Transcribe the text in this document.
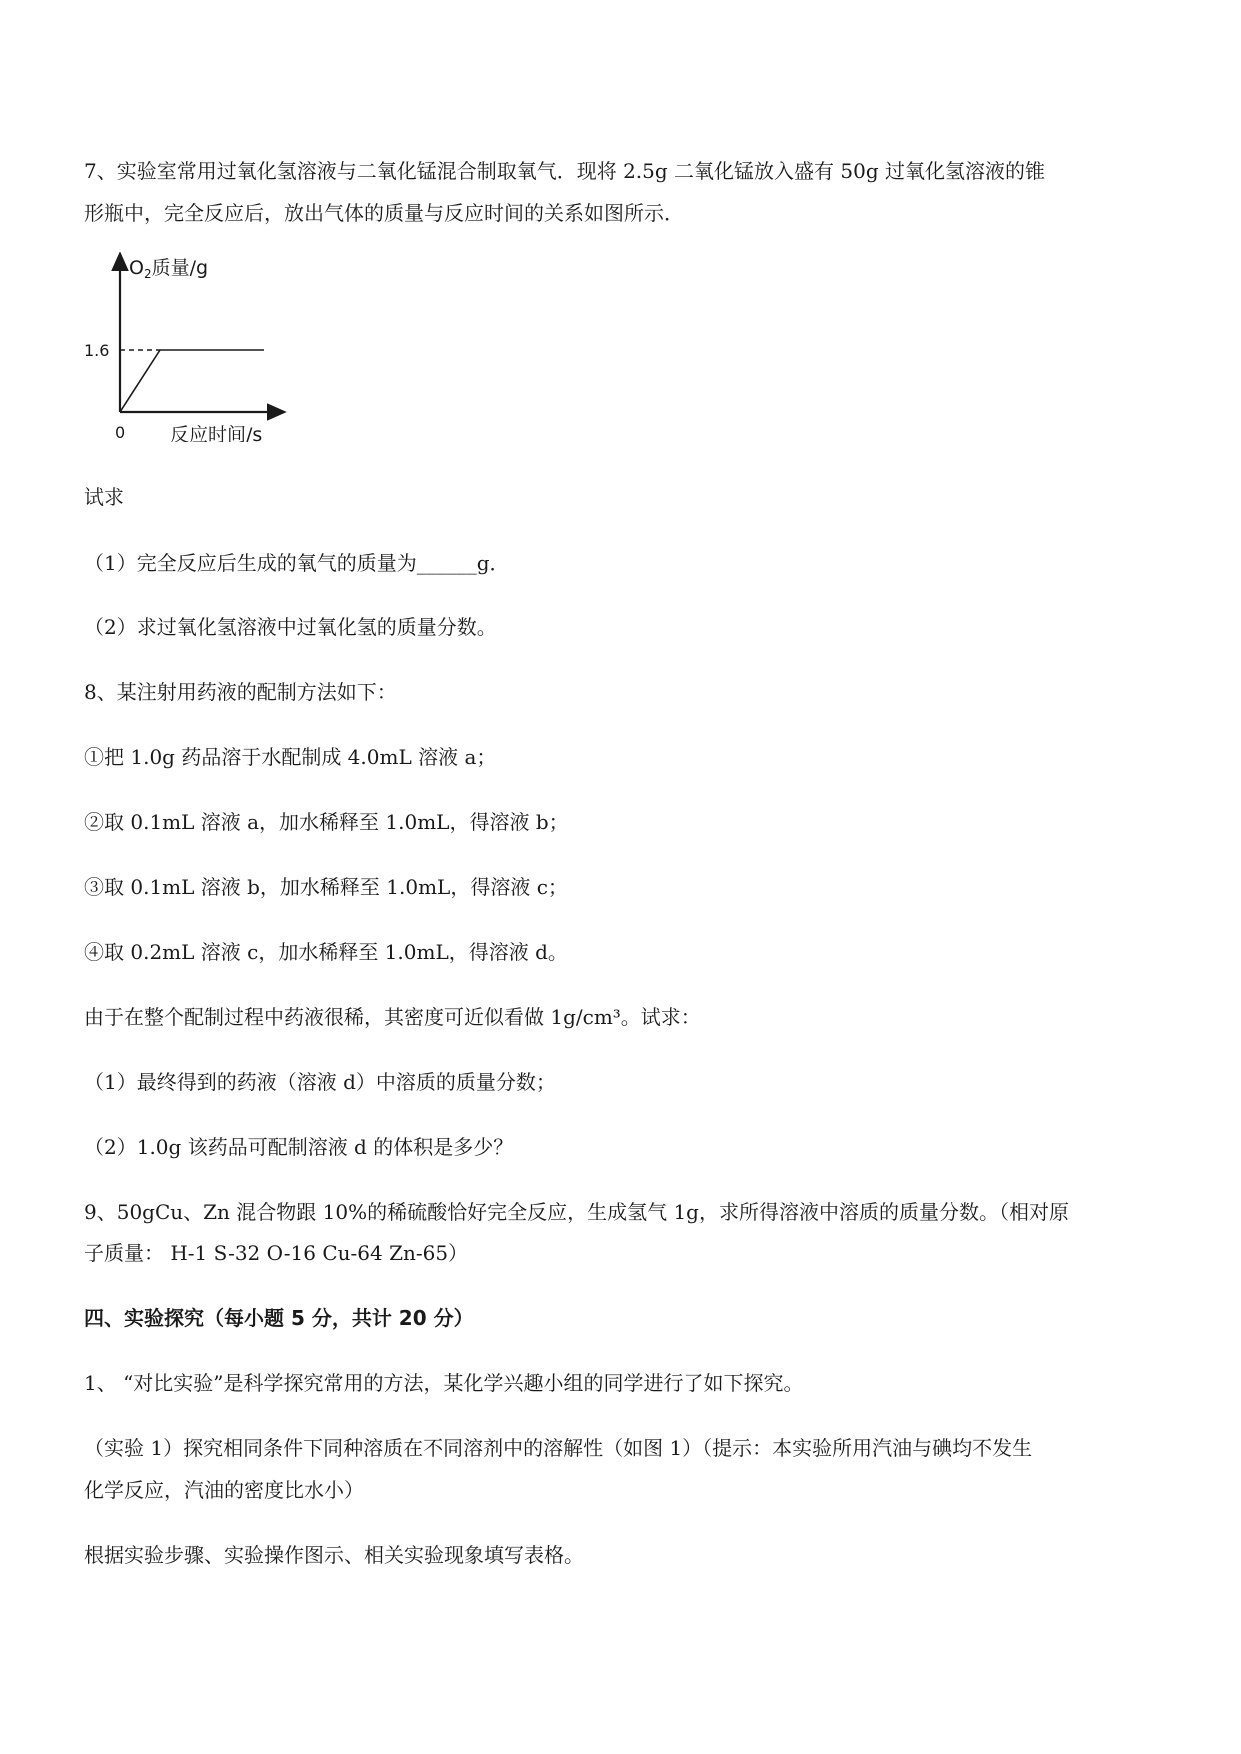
7、实验室常用过氧化氢溶液与二氧化锰混合制取氧气．现将 2.5g 二氧化锰放入盛有 50g 过氧化氢溶液的锥
形瓶中，完全反应后，放出气体的质量与反应时间的关系如图所示．
$O_2$质量/g
1.6
0 反应时间/s
试求
（1）完全反应后生成的氧气的质量为______g．
（2）求过氧化氢溶液中过氧化氢的质量分数。
8、某注射用药液的配制方法如下：
①把 1.0g 药品溶于水配制成 4.0mL 溶液 a；
②取 0.1mL 溶液 a，加水稀释至 1.0mL，得溶液 b；
③取 0.1mL 溶液 b，加水稀释至 1.0mL，得溶液 c；
④取 0.2mL 溶液 c，加水稀释至 1.0mL，得溶液 d。
由于在整个配制过程中药液很稀，其密度可近似看做 1g/cm³。试求：
（1）最终得到的药液（溶液 d）中溶质的质量分数；
（2）1.0g 该药品可配制溶液 d 的体积是多少？
9、50gCu、Zn 混合物跟 10%的稀硫酸恰好完全反应，生成氢气 1g，求所得溶液中溶质的质量分数。（相对原
子质量： H-1 S-32 O-16 Cu-64 Zn-65）
四、实验探究（每小题 5 分，共计 20 分）
1、 “对比实验”是科学探究常用的方法，某化学兴趣小组的同学进行了如下探究。
（实验 1）探究相同条件下同种溶质在不同溶剂中的溶解性（如图 1）（提示：本实验所用汽油与碘均不发生
化学反应，汽油的密度比水小）
根据实验步骤、实验操作图示、相关实验现象填写表格。
